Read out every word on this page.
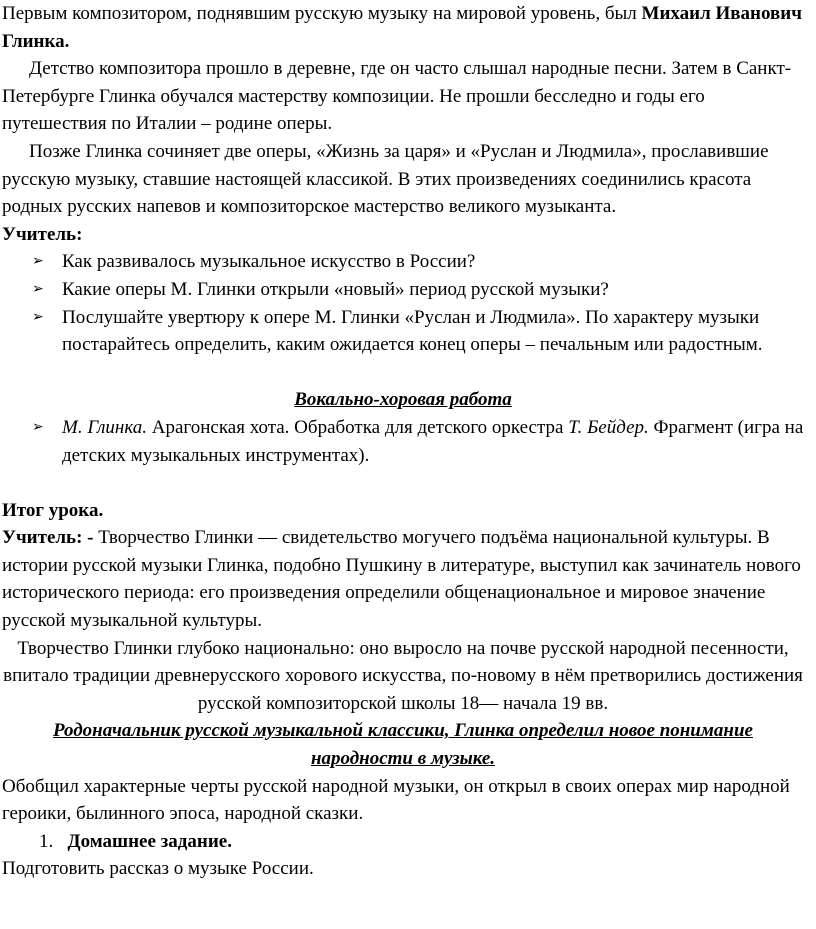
Первым композитором, поднявшим русскую музыку на мировой уровень, был Михаил Иванович Глинка.

Детство композитора прошло в деревне, где он часто слышал народные песни. Затем в Санкт-Петербурге Глинка обучался мастерству композиции. Не прошли бесследно и годы его путешествия по Италии – родине оперы.

Позже Глинка сочиняет две оперы, «Жизнь за царя» и «Руслан и Людмила», прославившие русскую музыку, ставшие настоящей классикой. В этих произведениях соединились красота родных русских напевов и композиторское мастерство великого музыканта.

Учитель:

➢ Как развивалось музыкальное искусство в России?
➢ Какие оперы М. Глинки открыли «новый» период русской музыки?
➢ Послушайте увертюру к опере М. Глинки «Руслан и Людмила». По характеру музыки постарайтесь определить, каким ожидается конец оперы – печальным или радостным.

Вокально-хоровая работа

➢ М. Глинка. Арагонская хота. Обработка для детского оркестра Т. Бейдер. Фрагмент (игра на детских музыкальных инструментах).

Итог урока.

Учитель: - Творчество Глинки — свидетельство могучего подъёма национальной культуры. В истории русской музыки Глинка, подобно Пушкину в литературе, выступил как зачинатель нового исторического периода: его произведения определили общенациональное и мировое значение русской музыкальной культуры.

Творчество Глинки глубоко национально: оно выросло на почве русской народной песенности, впитало традиции древнерусского хорового искусства, по-новому в нём претворились достижения русской композиторской школы 18— начала 19 вв.

Родоначальник русской музыкальной классики, Глинка определил новое понимание народности в музыке.

Обобщил характерные черты русской народной музыки, он открыл в своих операх мир народной героики, былинного эпоса, народной сказки.

1. Домашнее задание.

Подготовить рассказ о музыке России.
